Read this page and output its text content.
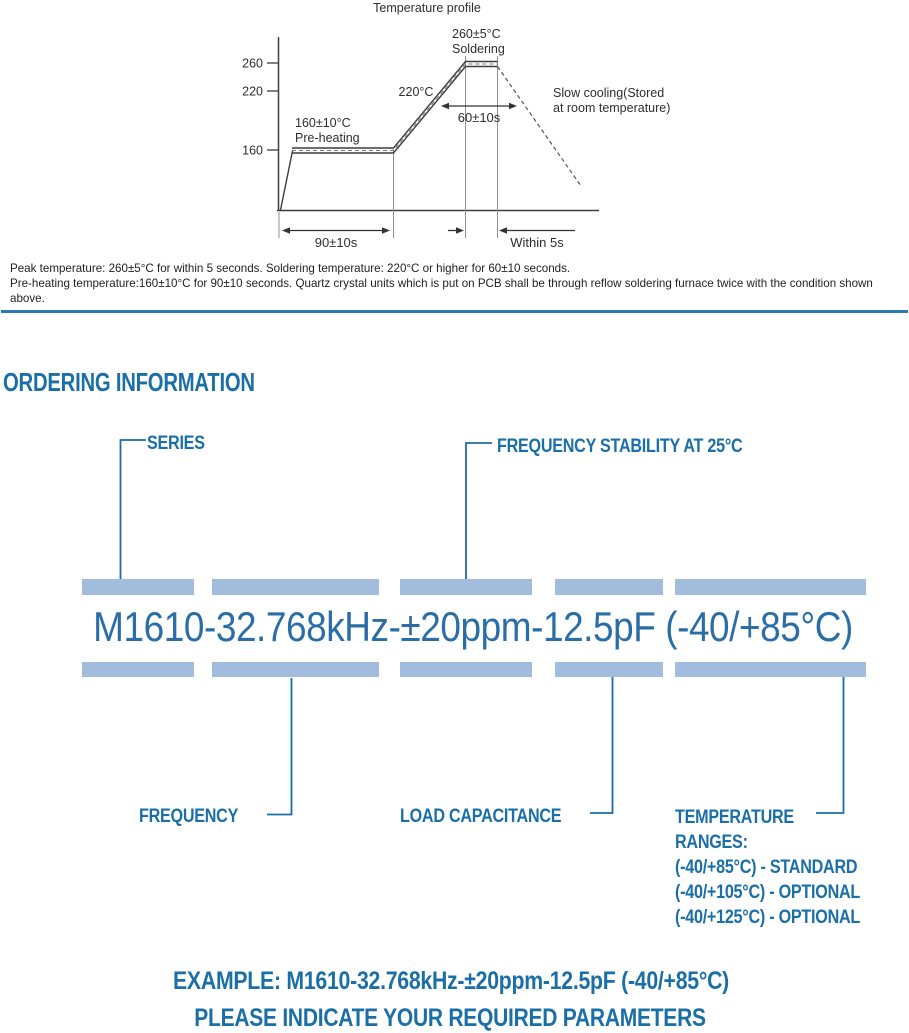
Temperature profile
260
220
160
260±5°C
Soldering
220°C
160±10°C
Pre-heating
Slow cooling(Stored
at room temperature)
60±10s
90±10s	Within 5s
Peak temperature: 260±5°C for within 5 seconds. Soldering temperature: 220°C or higher for 60±10 seconds.
Pre-heating temperature:160±10°C for 90±10 seconds. Quartz crystal units which is put on PCB shall be through reflow soldering furnace twice with the condition shown above.
ORDERING INFORMATION
SERIES	FREQUENCY STABILITY AT 25°C
FREQUENCY	LOAD CAPACITANCE	TEMPERATURE
RANGES:
(-40/+85°C) - STANDARD
(-40/+105°C) - OPTIONAL
(-40/+125°C) - OPTIONAL
M1610-32.768kHz-±20ppm-12.5pF (-40/+85°C)
EXAMPLE: M1610-32.768kHz-±20ppm-12.5pF (-40/+85°C)
PLEASE INDICATE YOUR REQUIRED PARAMETERS
